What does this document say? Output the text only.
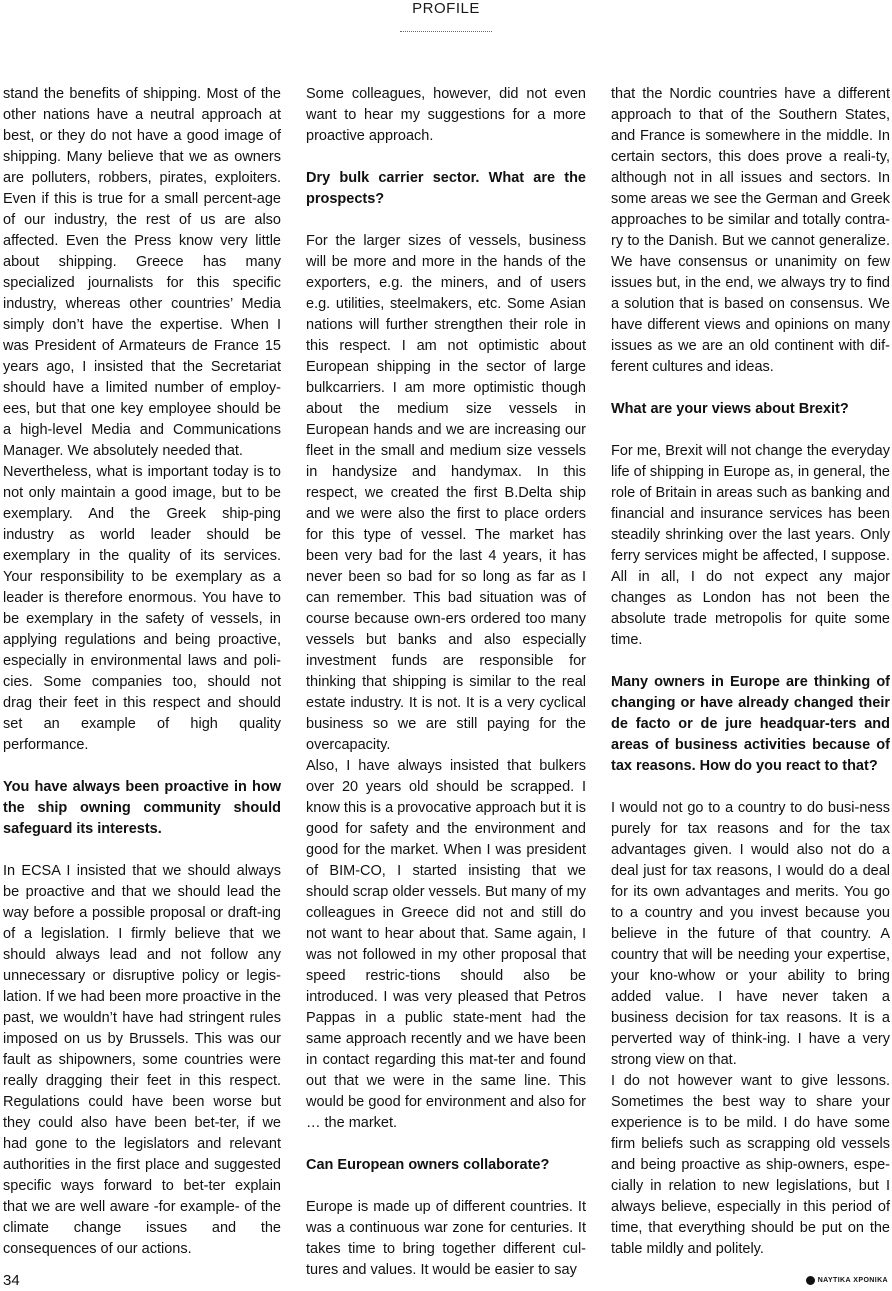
PROFILE

stand the benefits of shipping. Most of the other nations have a neutral approach at best, or they do not have a good image of shipping. Many believe that we as owners are polluters, robbers, pirates, exploiters. Even if this is true for a small percent-age of our industry, the rest of us are also affected. Even the Press know very little about shipping. Greece has many specialized journalists for this specific industry, whereas other countries’ Media simply don’t have the expertise. When I was President of Armateurs de France 15 years ago, I insisted that the Secretariat should have a limited number of employ-ees, but that one key employee should be a high-level Media and Communications Manager. We absolutely needed that.

Nevertheless, what is important today is to not only maintain a good image, but to be exemplary. And the Greek ship-ping industry as world leader should be exemplary in the quality of its services. Your responsibility to be exemplary as a leader is therefore enormous. You have to be exemplary in the safety of vessels, in applying regulations and being proactive, especially in environmental laws and poli-cies. Some companies too, should not drag their feet in this respect and should set an example of high quality performance.

You have always been proactive in how the ship owning community should safeguard its interests.

In ECSA I insisted that we should always be proactive and that we should lead the way before a possible proposal or draft-ing of a legislation. I firmly believe that we should always lead and not follow any unnecessary or disruptive policy or legis-lation. If we had been more proactive in the past, we wouldn’t have had stringent rules imposed on us by Brussels. This was our fault as shipowners, some countries were really dragging their feet in this respect. Regulations could have been worse but they could also have been bet-ter, if we had gone to the legislators and relevant authorities in the first place and suggested specific ways forward to bet-ter explain that we are well aware -for example- of the climate change issues and the consequences of our actions.

Some colleagues, however, did not even want to hear my suggestions for a more proactive approach.

Dry bulk carrier sector. What are the prospects?

For the larger sizes of vessels, business will be more and more in the hands of the exporters, e.g. the miners, and of users e.g. utilities, steelmakers, etc. Some Asian nations will further strengthen their role in this respect. I am not optimistic about European shipping in the sector of large bulkcarriers. I am more optimistic though about the medium size vessels in European hands and we are increasing our fleet in the small and medium size vessels in handysize and handymax. In this respect, we created the first B.Delta ship and we were also the first to place orders for this type of vessel. The market has been very bad for the last 4 years, it has never been so bad for so long as far as I can remember. This bad situation was of course because own-ers ordered too many vessels but banks and also especially investment funds are responsible for thinking that shipping is similar to the real estate industry. It is not. It is a very cyclical business so we are still paying for the overcapacity.

Also, I have always insisted that bulkers over 20 years old should be scrapped. I know this is a provocative approach but it is good for safety and the environment and good for the market. When I was president of BIM-CO, I started insisting that we should scrap older vessels. But many of my colleagues in Greece did not and still do not want to hear about that. Same again, I was not followed in my other proposal that speed restric-tions should also be introduced. I was very pleased that Petros Pappas in a public state-ment had the same approach recently and we have been in contact regarding this mat-ter and found out that we were in the same line. This would be good for environment and also for … the market.

Can European owners collaborate?

Europe is made up of different countries. It was a continuous war zone for centuries. It takes time to bring together different cul-tures and values. It would be easier to say

that the Nordic countries have a different approach to that of the Southern States, and France is somewhere in the middle. In certain sectors, this does prove a reali-ty, although not in all issues and sectors. In some areas we see the German and Greek approaches to be similar and totally contra-ry to the Danish. But we cannot generalize. We have consensus or unanimity on few issues but, in the end, we always try to find a solution that is based on consensus. We have different views and opinions on many issues as we are an old continent with dif-ferent cultures and ideas.

What are your views about Brexit?

For me, Brexit will not change the everyday life of shipping in Europe as, in general, the role of Britain in areas such as banking and financial and insurance services has been steadily shrinking over the last years. Only ferry services might be affected, I suppose. All in all, I do not expect any major changes as London has not been the absolute trade metropolis for quite some time.

Many owners in Europe are thinking of changing or have already changed their de facto or de jure headquar-ters and areas of business activities because of tax reasons. How do you react to that?

I would not go to a country to do busi-ness purely for tax reasons and for the tax advantages given. I would also not do a deal just for tax reasons, I would do a deal for its own advantages and merits. You go to a country and you invest because you believe in the future of that country. A country that will be needing your expertise, your kno-whow or your ability to bring added value. I have never taken a business decision for tax reasons. It is a perverted way of think-ing. I have a very strong view on that.

I do not however want to give lessons. Sometimes the best way to share your experience is to be mild. I do have some firm beliefs such as scrapping old vessels and being proactive as ship-owners, espe-cially in relation to new legislations, but I always believe, especially in this period of time, that everything should be put on the table mildly and politely.

34	ΝΑΥΤΙΚΑ ΧΡΟΝΙΚΑ
